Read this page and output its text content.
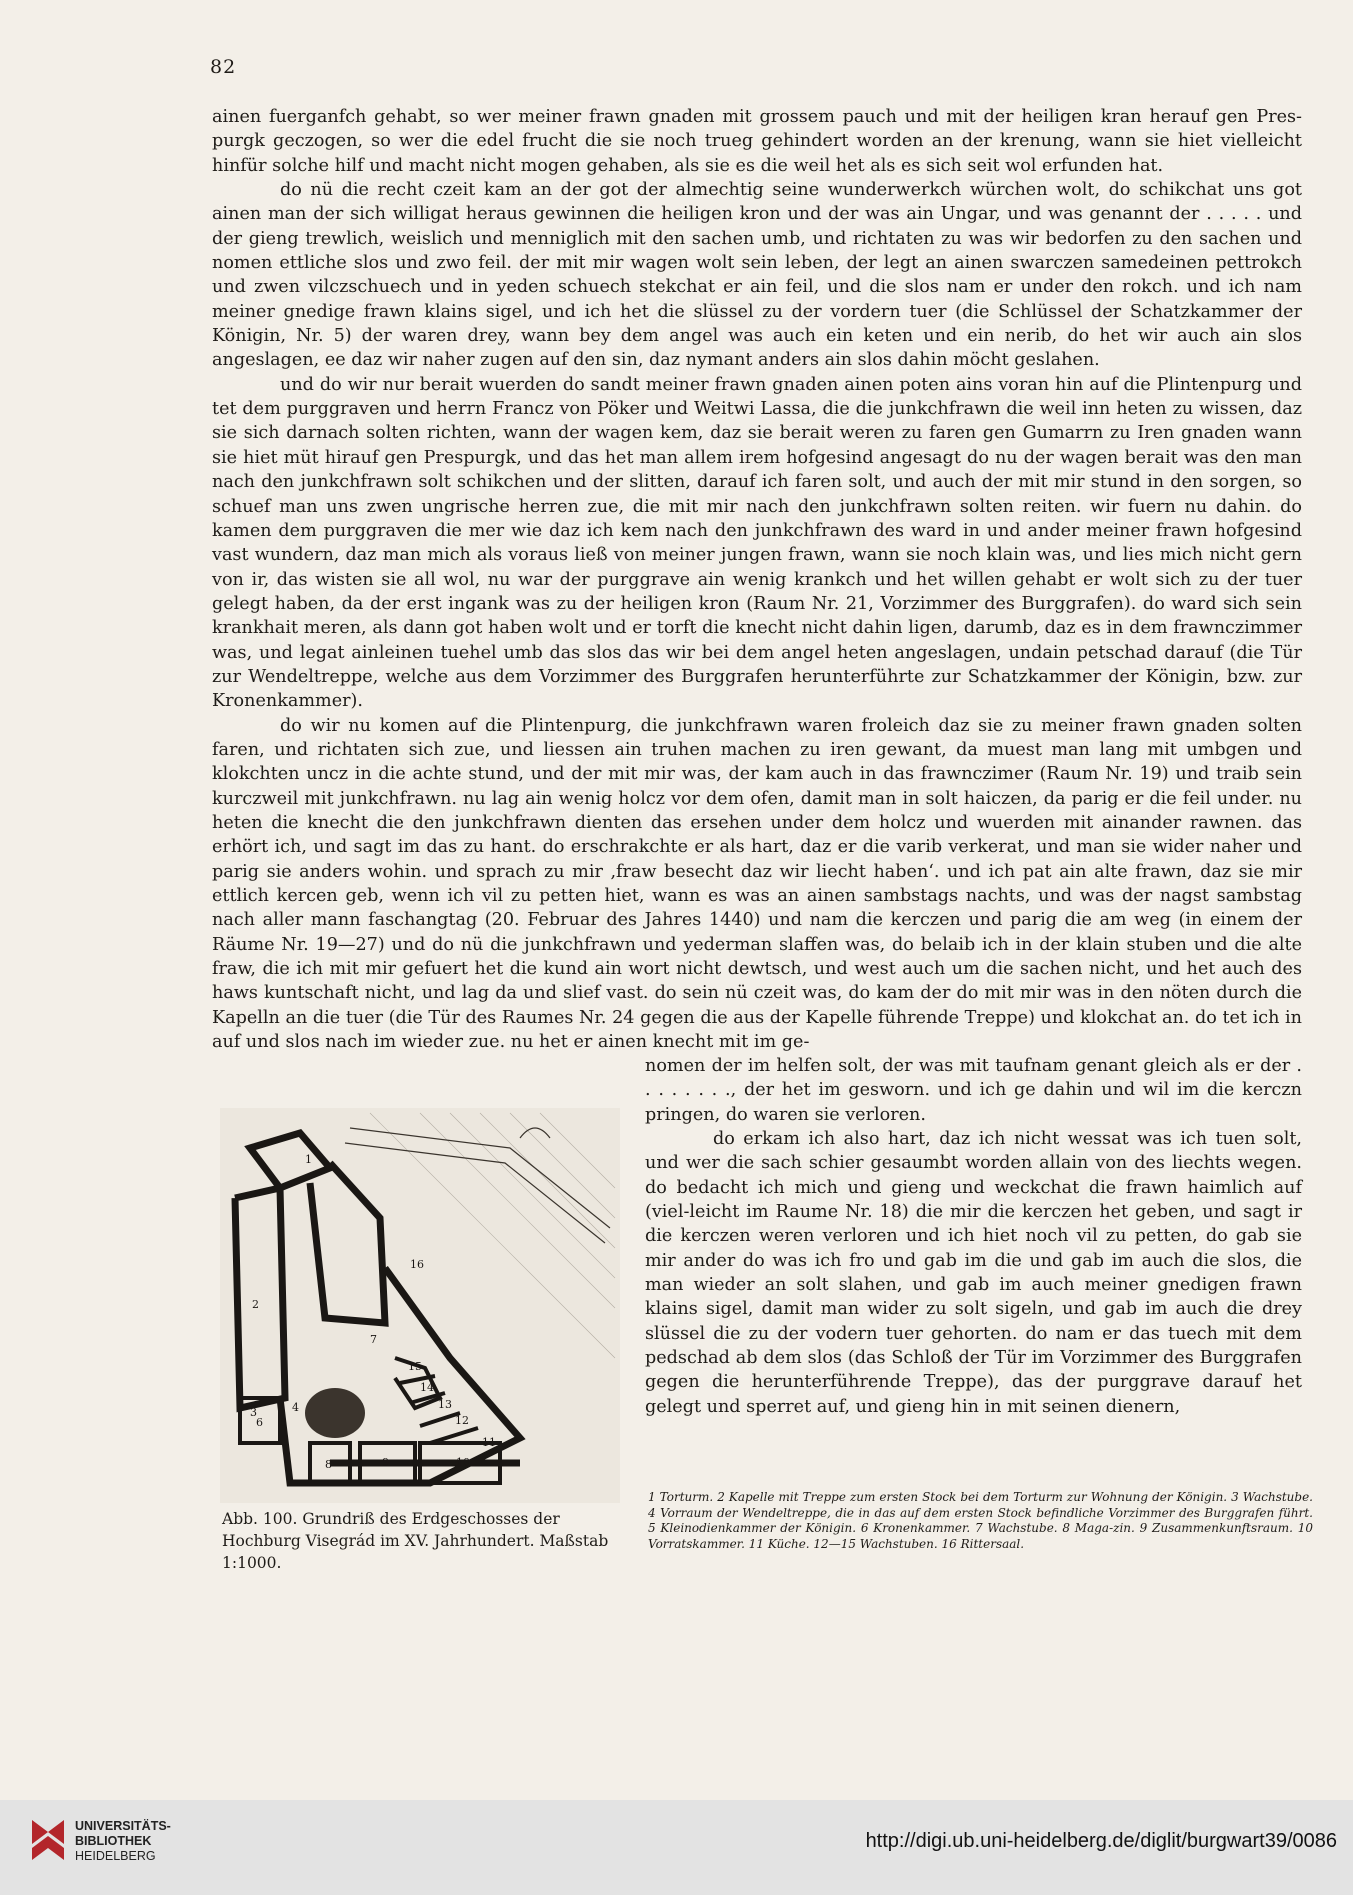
82

ainen fuerganfch gehabt, so wer meiner frawn gnaden mit grossem pauch und mit der heiligen kran herauf gen Pres-purgk geczogen, so wer die edel frucht die sie noch trueg gehindert worden an der krenung, wann sie hiet vielleicht hinfür solche hilf und macht nicht mogen gehaben, als sie es die weil het als es sich seit wol erfunden hat.

do nü die recht czeit kam an der got der almechtig seine wunderwerkch würchen wolt, do schikchat uns got ainen man der sich willigat heraus gewinnen die heiligen kron und der was ain Ungar, und was genannt der . . . . . und der gieng trewlich, weislich und menniglich mit den sachen umb, und richtaten zu was wir bedorfen zu den sachen und nomen ettliche slos und zwo feil. der mit mir wagen wolt sein leben, der legt an ainen swarczen samedeinen pettrokch und zwen vilczschuech und in yeden schuech stekchat er ain feil, und die slos nam er under den rokch. und ich nam meiner gnedige frawn klains sigel, und ich het die slüssel zu der vordern tuer (die Schlüssel der Schatzkammer der Königin, Nr. 5) der waren drey, wann bey dem angel was auch ein keten und ein nerib, do het wir auch ain slos angeslagen, ee daz wir naher zugen auf den sin, daz nymant anders ain slos dahin möcht geslahen.

und do wir nur berait wuerden do sandt meiner frawn gnaden ainen poten ains voran hin auf die Plintenpurg und tet dem purggraven und herrn Francz von Pöker und Weitwi Lassa, die die junkchfrawn die weil inn heten zu wissen, daz sie sich darnach solten richten, wann der wagen kem, daz sie berait weren zu faren gen Gumarrn zu Iren gnaden wann sie hiet müt hirauf gen Prespurgk, und das het man allem irem hofgesind angesagt do nu der wagen berait was den man nach den junkchfrawn solt schikchen und der slitten, darauf ich faren solt, und auch der mit mir stund in den sorgen, so schuef man uns zwen ungrische herren zue, die mit mir nach den junkchfrawn solten reiten. wir fuern nu dahin. do kamen dem purggraven die mer wie daz ich kem nach den junkchfrawn des ward in und ander meiner frawn hofgesind vast wundern, daz man mich als voraus ließ von meiner jungen frawn, wann sie noch klain was, und lies mich nicht gern von ir, das wisten sie all wol, nu war der purggrave ain wenig krankch und het willen gehabt er wolt sich zu der tuer gelegt haben, da der erst ingank was zu der heiligen kron (Raum Nr. 21, Vorzimmer des Burggrafen). do ward sich sein krankhait meren, als dann got haben wolt und er torft die knecht nicht dahin ligen, darumb, daz es in dem frawnczimmer was, und legat ainleinen tuehel umb das slos das wir bei dem angel heten angeslagen, undain petschad darauf (die Tür zur Wendeltreppe, welche aus dem Vorzimmer des Burggrafen herunterführte zur Schatzkammer der Königin, bzw. zur Kronenkammer).

do wir nu komen auf die Plintenpurg, die junkchfrawn waren froleich daz sie zu meiner frawn gnaden solten faren, und richtaten sich zue, und liessen ain truhen machen zu iren gewant, da muest man lang mit umbgen und klokchten uncz in die achte stund, und der mit mir was, der kam auch in das frawnczimer (Raum Nr. 19) und traib sein kurczweil mit junkchfrawn. nu lag ain wenig holcz vor dem ofen, damit man in solt haiczen, da parig er die feil under. nu heten die knecht die den junkchfrawn dienten das ersehen under dem holcz und wuerden mit ainander rawnen. das erhört ich, und sagt im das zu hant. do erschrakchte er als hart, daz er die varib verkerat, und man sie wider naher und parig sie anders wohin. und sprach zu mir ‚fraw besecht daz wir liecht haben‘. und ich pat ain alte frawn, daz sie mir ettlich kercen geb, wenn ich vil zu petten hiet, wann es was an ainen sambstags nachts, und was der nagst sambstag nach aller mann faschangtag (20. Februar des Jahres 1440) und nam die kerczen und parig die am weg (in einem der Räume Nr. 19—27) und do nü die junkchfrawn und yederman slaffen was, do belaib ich in der klain stuben und die alte fraw, die ich mit mir gefuert het die kund ain wort nicht dewtsch, und west auch um die sachen nicht, und het auch des haws kuntschaft nicht, und lag da und slief vast. do sein nü czeit was, do kam der do mit mir was in den nöten durch die Kapelln an die tuer (die Tür des Raumes Nr. 24 gegen die aus der Kapelle führende Treppe) und klokchat an. do tet ich in auf und slos nach im wieder zue. nu het er ainen knecht mit im ge-

nomen der im helfen solt, der was mit taufnam genant gleich als er der . . . . . . . ., der het im gesworn. und ich ge dahin und wil im die kerczn pringen, do waren sie verloren.

do erkam ich also hart, daz ich nicht wessat was ich tuen solt, und wer die sach schier gesaumbt worden allain von des liechts wegen. do bedacht ich mich und gieng und weckchat die frawn haimlich auf (viel-leicht im Raume Nr. 18) die mir die kerczen het geben, und sagt ir die kerczen weren verloren und ich hiet noch vil zu petten, do gab sie mir ander do was ich fro und gab im die und gab im auch die slos, die man wieder an solt slahen, und gab im auch meiner gnedigen frawn klains sigel, damit man wider zu solt sigeln, und gab im auch die drey slüssel die zu der vodern tuer gehorten. do nam er das tuech mit dem pedschad ab dem slos (das Schloß der Tür im Vorzimmer des Burggrafen gegen die herunterführende Treppe), das der purggrave darauf het gelegt und sperret auf, und gieng hin in mit seinen dienern,

1
2
3	4
5
6
7
8	9	10
11
12
13
14
15
16
Abb. 100. Grundriß des Erdgeschosses der Hochburg Visegrád im XV. Jahrhundert. Maßstab 1:1000.
1 Torturm. 2 Kapelle mit Treppe zum ersten Stock bei dem Torturm zur Wohnung der Königin. 3 Wachstube. 4 Vorraum der Wendeltreppe, die in das auf dem ersten Stock befindliche Vorzimmer des Burggrafen führt. 5 Kleinodienkammer der Königin. 6 Kronenkammer. 7 Wachstube. 8 Maga-zin. 9 Zusammenkunftsraum. 10 Vorratskammer. 11 Küche. 12—15 Wachstuben. 16 Rittersaal.
UNIVERSITÄTS-
BIBLIOTHEK
HEIDELBERG
http://digi.ub.uni-heidelberg.de/diglit/burgwart39/0086
